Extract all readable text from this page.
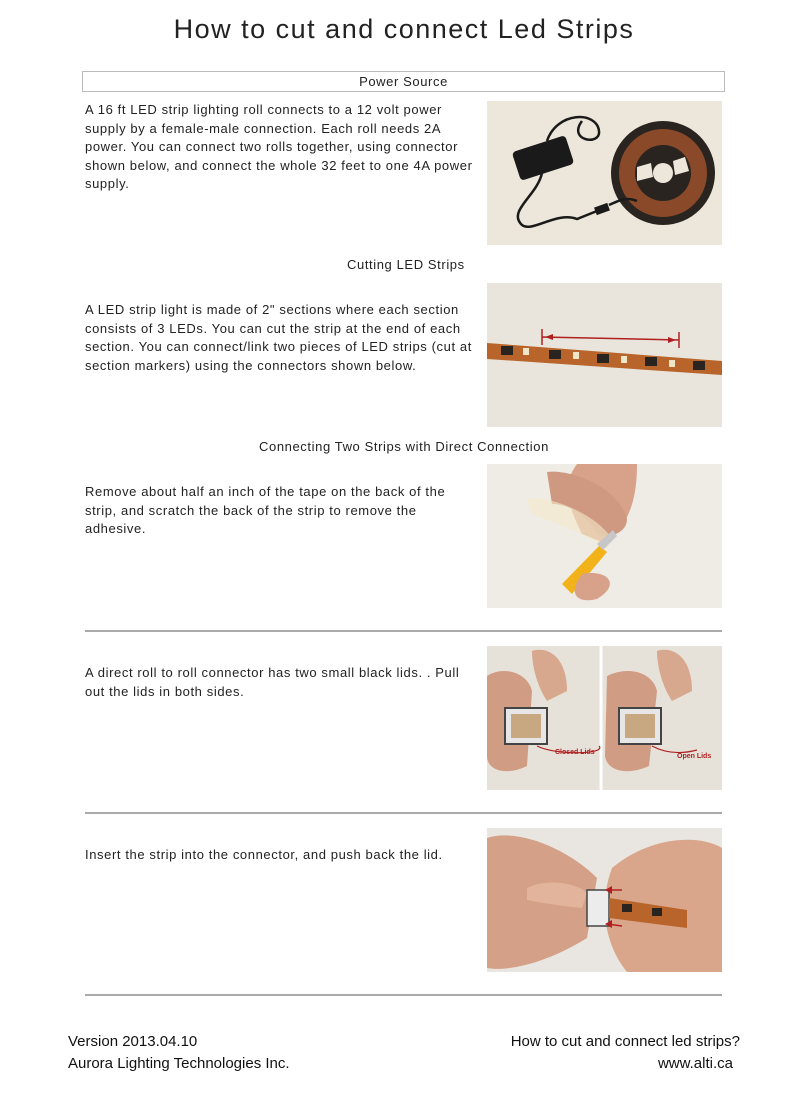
How to cut and connect Led Strips
Power Source

A 16 ft LED strip lighting roll connects to a 12 volt power supply by a female-male connection. Each roll needs 2A power. You can connect two rolls together, using connector shown below, and connect the whole 32 feet to one 4A power supply.

Cutting LED Strips

A LED strip light is made of 2" sections where each section consists of 3 LEDs. You can cut the strip at the end of each section. You can connect/link two pieces of LED strips (cut at section markers) using the connectors shown below.

Connecting Two Strips with Direct Connection

Remove about half an inch of the tape on the back of the strip, and scratch the back of the strip to remove the adhesive.

A direct roll to roll connector has two small black lids. . Pull out the lids in both sides.

Closed Lids
Open Lids

Insert the strip into the connector, and push back the lid.

Version 2013.04.10
Aurora Lighting Technologies Inc.
How to cut and connect led strips?
www.alti.ca
